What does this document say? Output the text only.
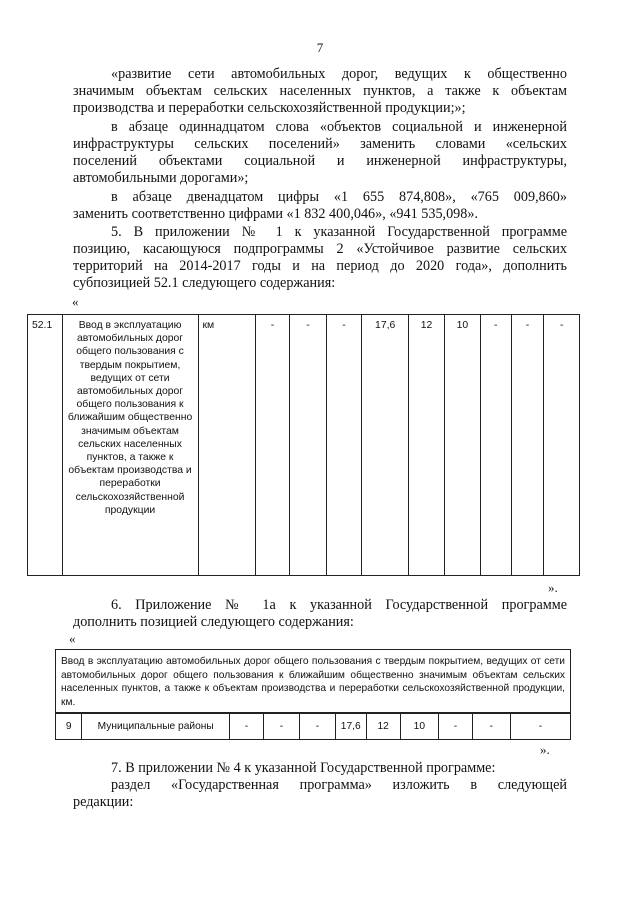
7
«развитие сети автомобильных дорог, ведущих к общественно
значимым объектам сельских населенных пунктов, а также к объектам
производства и переработки сельскохозяйственной продукции;»;
в абзаце одиннадцатом слова «объектов социальной и инженерной
инфраструктуры сельских поселений» заменить словами «сельских
поселений объектами социальной и инженерной инфраструктуры,
автомобильными дорогами»;
в абзаце двенадцатом цифры «1 655 874,808», «765 009,860»
заменить соответственно цифрами «1 832 400,046», «941 535,098».
5. В приложении № 1 к указанной Государственной программе
позицию, касающуюся подпрограммы 2 «Устойчивое развитие сельских
территорий на 2014-2017 годы и на период до 2020 года», дополнить
субпозицией 52.1 следующего содержания:
«
52.1	Ввод в эксплуатацию автомобильных дорог общего пользования с твердым покрытием, ведущих от сети автомобильных дорог общего пользования к ближайшим общественно значимым объектам сельских населенных пунктов, а также к объектам производства и переработки сельскохозяйственной продукции	км	-	-	-	17,6	12	10	-	-	-
».
6. Приложение № 1а к указанной Государственной программе
дополнить позицией следующего содержания:
«
Ввод в эксплуатацию автомобильных дорог общего пользования с твердым покрытием, ведущих от сети автомобильных дорог общего пользования к ближайшим общественно значимым объектам сельских населенных пунктов, а также к объектам производства и переработки сельскохозяйственной продукции, км.
9	Муниципальные районы	-	-	-	17,6	12	10	-	-	-
».
7. В приложении № 4 к указанной Государственной программе:
раздел «Государственная программа» изложить в следующей
редакции:
